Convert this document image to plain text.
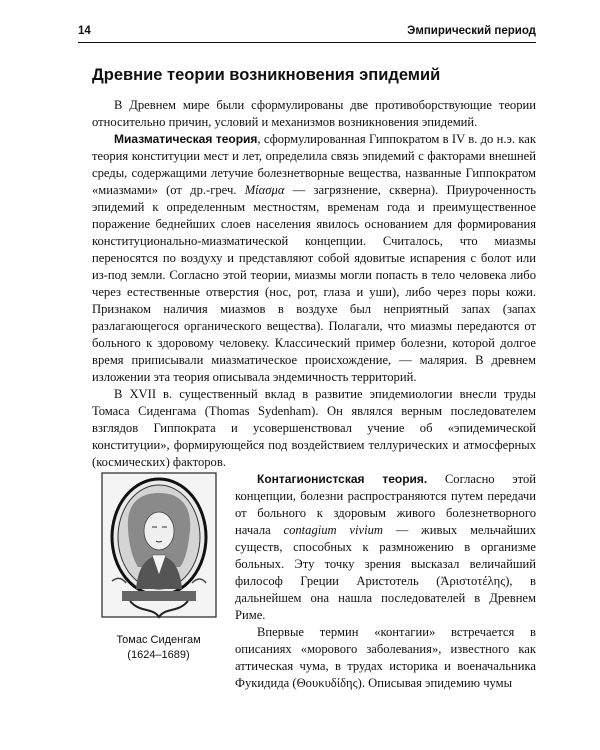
14	Эмпирический период
Древние теории возникновения эпидемий

В Древнем мире были сформулированы две противоборствующие теории относительно причин, условий и механизмов возникновения эпидемий.

Миазматическая теория, сформулированная Гиппократом в IV в. до н.э. как теория конституции мест и лет, определила связь эпидемий с факторами внешней среды, содержащими летучие болезнетворные вещества, названные Гиппократом «миазмами» (от др.-греч. Μίασμα — загрязнение, скверна). Приуроченность эпидемий к определенным местностям, временам года и преимущественное поражение беднейших слоев населения явилось основанием для формирования конституционально-миазматической концепции. Считалось, что миазмы переносятся по воздуху и представляют собой ядовитые испарения с болот или из-под земли. Согласно этой теории, миазмы могли попасть в тело человека либо через естественные отверстия (нос, рот, глаза и уши), либо через поры кожи. Признаком наличия миазмов в воздухе был неприятный запах (запах разлагающегося органического вещества). Полагали, что миазмы передаются от больного к здоровому человеку. Классический пример болезни, которой долгое время приписывали миазматическое происхождение, — малярия. В древнем изложении эта теория описывала эндемичность территорий.

В XVII в. существенный вклад в развитие эпидемиологии внесли труды Томаса Сиденгама (Thomas Sydenham). Он являлся верным последователем взглядов Гиппократа и усовершенствовал учение об «эпидемической конституции», формирующейся под воздействием теллурических и атмосферных (космических) факторов.

Томас Сиденгам
(1624–1689)

Контагионистская теория. Согласно этой концепции, болезни распространяются путем передачи от больного к здоровым живого болезнетворного начала contagium vivium — живых мельчайших существ, способных к размножению в организме больных. Эту точку зрения высказал величайший философ Греции Аристотель (Ἀριστοτέλης), в дальнейшем она нашла последователей в Древнем Риме.

Впервые термин «контагии» встречается в описаниях «морового заболевания», известного как аттическая чума, в трудах историка и военачальника Фукидида (Θουκυδίδης). Описывая эпидемию чумы
